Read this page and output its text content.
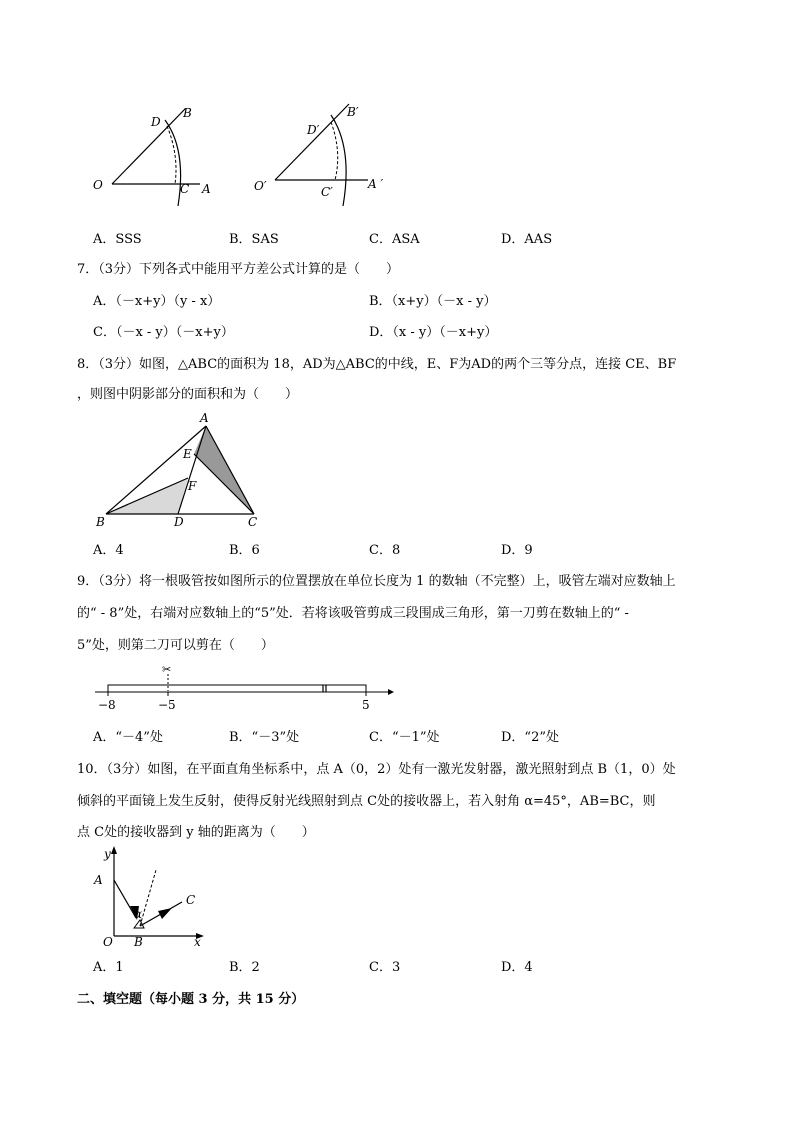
O	A
B
C
D
O′	A ′
B′
C′
D′
A．SSS	B．SAS	C．ASA	D．AAS
7．（3分）下列各式中能用平方差公式计算的是（　　）
A．（－x+y）（y - x）	B．（x+y）（－x - y）
C．（－x - y）（－x+y）	D．（x - y）（－x+y）
8．（3分）如图，△ABC的面积为 18，AD为△ABC的中线，E、F为AD的两个三等分点，连接 CE、BF
，则图中阴影部分的面积和为（　　）
A
B	C
D
E
F
A．4	B．6	C．8	D．9
9．（3分）将一根吸管按如图所示的位置摆放在单位长度为 1 的数轴（不完整）上，吸管左端对应数轴上
的“ - 8”处，右端对应数轴上的“5”处．若将该吸管剪成三段围成三角形，第一刀剪在数轴上的“ -
5”处，则第二刀可以剪在（　　）
✂
−8	−5	5
A．“－4”处	B．“－3”处	C．“－1”处	D．“2”处
10．（3分）如图，在平面直角坐标系中，点 A（0，2）处有一激光发射器，激光照射到点 B（1，0）处
倾斜的平面镜上发生反射，使得反射光线照射到点 C处的接收器上，若入射角 α=45°，AB=BC，则
点 C处的接收器到 y 轴的距离为（　　）
y
x
A
B
C
O
α
A．1	B．2	C．3	D．4
二、填空题（每小题 3 分，共 15 分）
